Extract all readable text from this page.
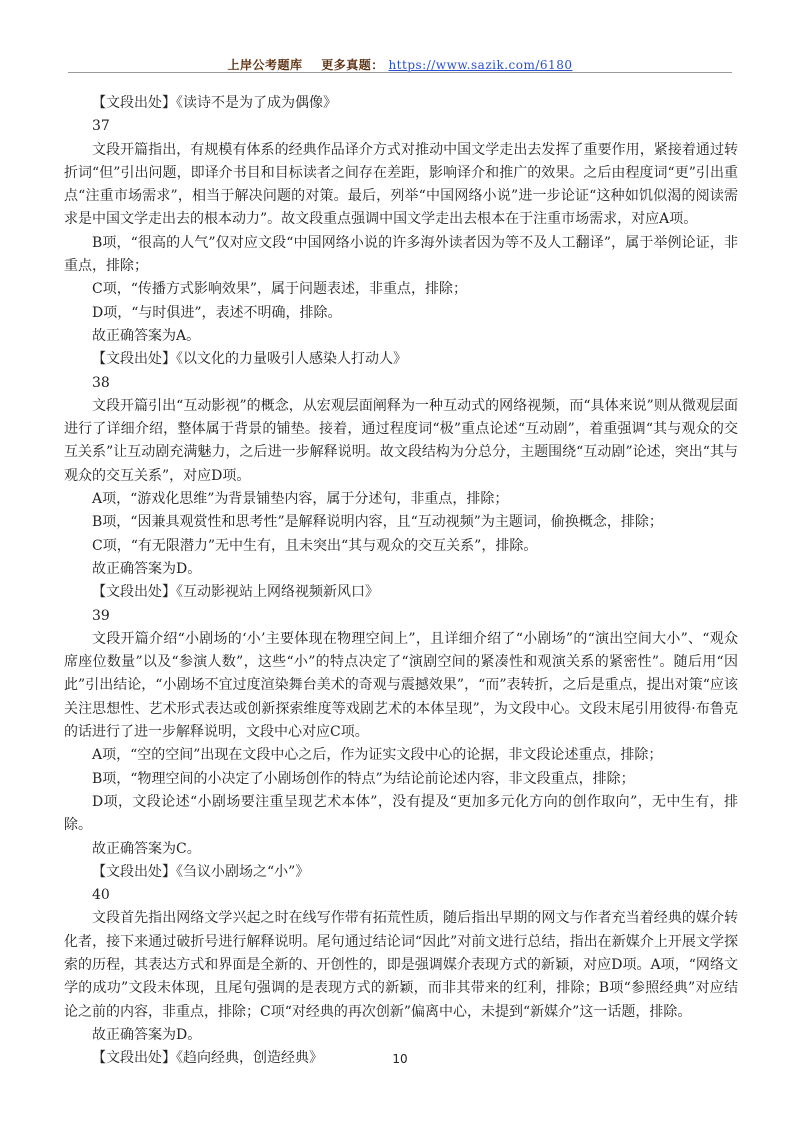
上岸公考题库 更多真题： https://www.sazik.com/6180

【文段出处】《读诗不是为了成为偶像》

37

文段开篇指出，有规模有体系的经典作品译介方式对推动中国文学走出去发挥了重要作用，紧接着通过转折词“但”引出问题，即译介书目和目标读者之间存在差距，影响译介和推广的效果。之后由程度词“更”引出重点“注重市场需求”，相当于解决问题的对策。最后，列举“中国网络小说”进一步论证“这种如饥似渴的阅读需求是中国文学走出去的根本动力”。故文段重点强调中国文学走出去根本在于注重市场需求，对应A项。

B项，“很高的人气”仅对应文段“中国网络小说的许多海外读者因为等不及人工翻译”，属于举例论证，非重点，排除；

C项，“传播方式影响效果”，属于问题表述，非重点，排除；

D项，“与时俱进”，表述不明确，排除。

故正确答案为A。

【文段出处】《以文化的力量吸引人感染人打动人》

38

文段开篇引出“互动影视”的概念，从宏观层面阐释为一种互动式的网络视频，而“具体来说”则从微观层面进行了详细介绍，整体属于背景的铺垫。接着，通过程度词“极”重点论述“互动剧”，着重强调“其与观众的交互关系”让互动剧充满魅力，之后进一步解释说明。故文段结构为分总分，主题围绕“互动剧”论述，突出“其与观众的交互关系”，对应D项。

A项，“游戏化思维”为背景铺垫内容，属于分述句，非重点，排除；

B项，“因兼具观赏性和思考性”是解释说明内容，且“互动视频”为主题词，偷换概念，排除；

C项，“有无限潜力”无中生有，且未突出“其与观众的交互关系”，排除。

故正确答案为D。

【文段出处】《互动影视站上网络视频新风口》

39

文段开篇介绍“小剧场的‘小’主要体现在物理空间上”，且详细介绍了“小剧场”的“演出空间大小”、“观众席座位数量”以及“参演人数”，这些“小”的特点决定了“演剧空间的紧凑性和观演关系的紧密性”。随后用“因此”引出结论，“小剧场不宜过度渲染舞台美术的奇观与震撼效果”，“而”表转折，之后是重点，提出对策“应该关注思想性、艺术形式表达或创新探索维度等戏剧艺术的本体呈现”，为文段中心。文段末尾引用彼得·布鲁克的话进行了进一步解释说明，文段中心对应C项。

A项，“空的空间”出现在文段中心之后，作为证实文段中心的论据，非文段论述重点，排除；

B项，“物理空间的小决定了小剧场创作的特点”为结论前论述内容，非文段重点，排除；

D项，文段论述“小剧场要注重呈现艺术本体”，没有提及“更加多元化方向的创作取向”，无中生有，排除。

故正确答案为C。

【文段出处】《刍议小剧场之“小”》

40

文段首先指出网络文学兴起之时在线写作带有拓荒性质，随后指出早期的网文与作者充当着经典的媒介转化者，接下来通过破折号进行解释说明。尾句通过结论词“因此”对前文进行总结，指出在新媒介上开展文学探索的历程，其表达方式和界面是全新的、开创性的，即是强调媒介表现方式的新颖，对应D项。A项，“网络文学的成功”文段未体现，且尾句强调的是表现方式的新颖，而非其带来的红利，排除；B项“参照经典”对应结论之前的内容，非重点，排除；C项“对经典的再次创新”偏离中心，未提到“新媒介”这一话题，排除。

故正确答案为D。

【文段出处】《趋向经典，创造经典》	10
